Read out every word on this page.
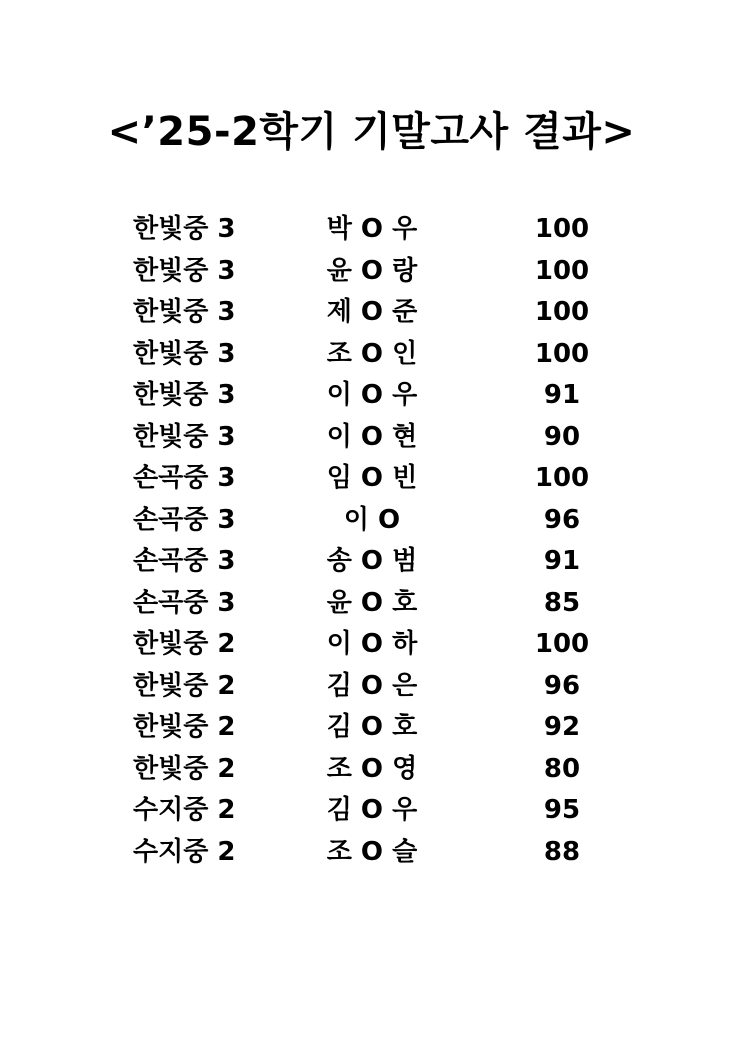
<’25-2학기 기말고사 결과>
한빛중 3	박 O 우	100
한빛중 3	윤 O 랑	100
한빛중 3	제 O 준	100
한빛중 3	조 O 인	100
한빛중 3	이 O 우	91
한빛중 3	이 O 현	90
손곡중 3	임 O 빈	100
손곡중 3	이 O	96
손곡중 3	송 O 범	91
손곡중 3	윤 O 호	85
한빛중 2	이 O 하	100
한빛중 2	김 O 은	96
한빛중 2	김 O 호	92
한빛중 2	조 O 영	80
수지중 2	김 O 우	95
수지중 2	조 O 슬	88
